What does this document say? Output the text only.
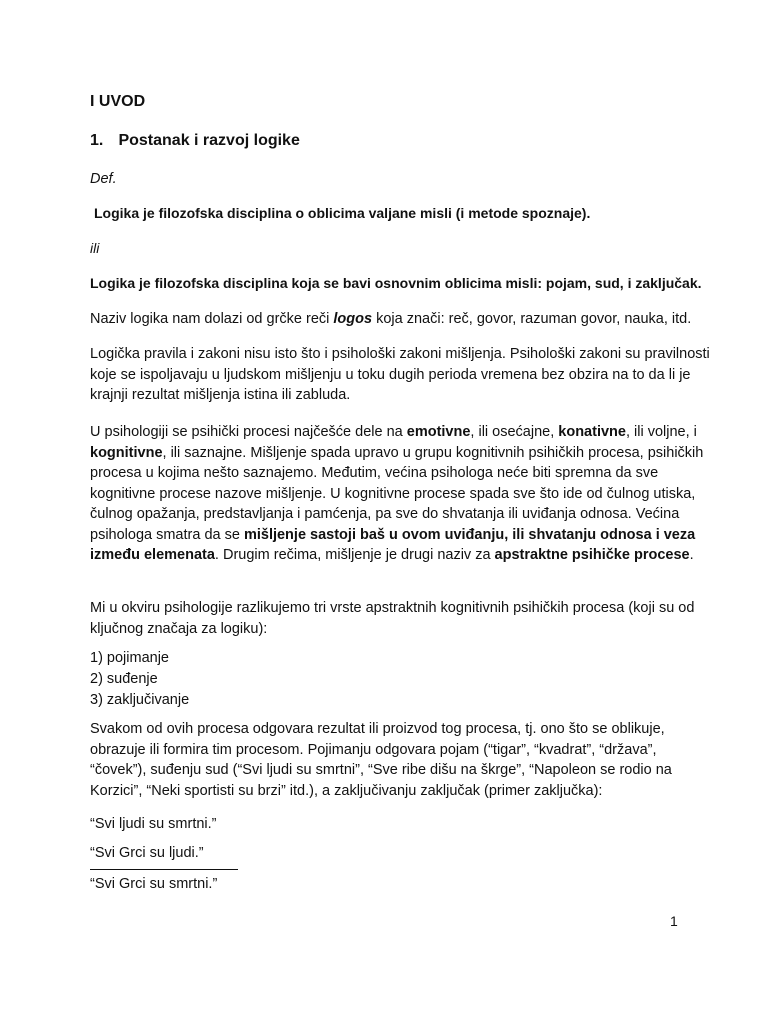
I UVOD
1. Postanak i razvoj logike
Def.
Logika je filozofska disciplina o oblicima valjane misli (i metode spoznaje).
ili
Logika je filozofska disciplina koja se bavi osnovnim oblicima misli: pojam, sud, i zaključak.
Naziv logika nam dolazi od grčke reči logos koja znači: reč, govor, razuman govor, nauka, itd.
Logička pravila i zakoni nisu isto što i psihološki zakoni mišljenja. Psihološki zakoni su pravilnosti
koje se ispoljavaju u ljudskom mišljenju u toku dugih perioda vremena bez obzira na to da li je
krajnji rezultat mišljenja istina ili zabluda.
U psihologiji se psihički procesi najčešće dele na emotivne, ili osećajne, konativne, ili voljne, i
kognitivne, ili saznajne. Mišljenje spada upravo u grupu kognitivnih psihičkih procesa, psihičkih
procesa u kojima nešto saznajemo. Međutim, većina psihologa neće biti spremna da sve
kognitivne procese nazove mišljenje. U kognitivne procese spada sve što ide od čulnog utiska,
čulnog opažanja, predstavljanja i pamćenja, pa sve do shvatanja ili uviđanja odnosa. Većina
psihologa smatra da se mišljenje sastoji baš u ovom uviđanju, ili shvatanju odnosa i veza
između elemenata. Drugim rečima, mišljenje je drugi naziv za apstraktne psihičke procese.
Mi u okviru psihologije razlikujemo tri vrste apstraktnih kognitivnih psihičkih procesa (koji su od
ključnog značaja za logiku):
1) pojimanje
2) suđenje
3) zaključivanje
Svakom od ovih procesa odgovara rezultat ili proizvod tog procesa, tj. ono što se oblikuje,
obrazuje ili formira tim procesom. Pojimanju odgovara pojam (“tigar”, “kvadrat”, “država”,
“čovek”), suđenju sud (“Svi ljudi su smrtni”, “Sve ribe dišu na škrge”, “Napoleon se rodio na
Korzici”, “Neki sportisti su brzi” itd.), a zaključivanju zaključak (primer zaključka):
“Svi ljudi su smrtni.”
“Svi Grci su ljudi.”
“Svi Grci su smrtni.”
1
